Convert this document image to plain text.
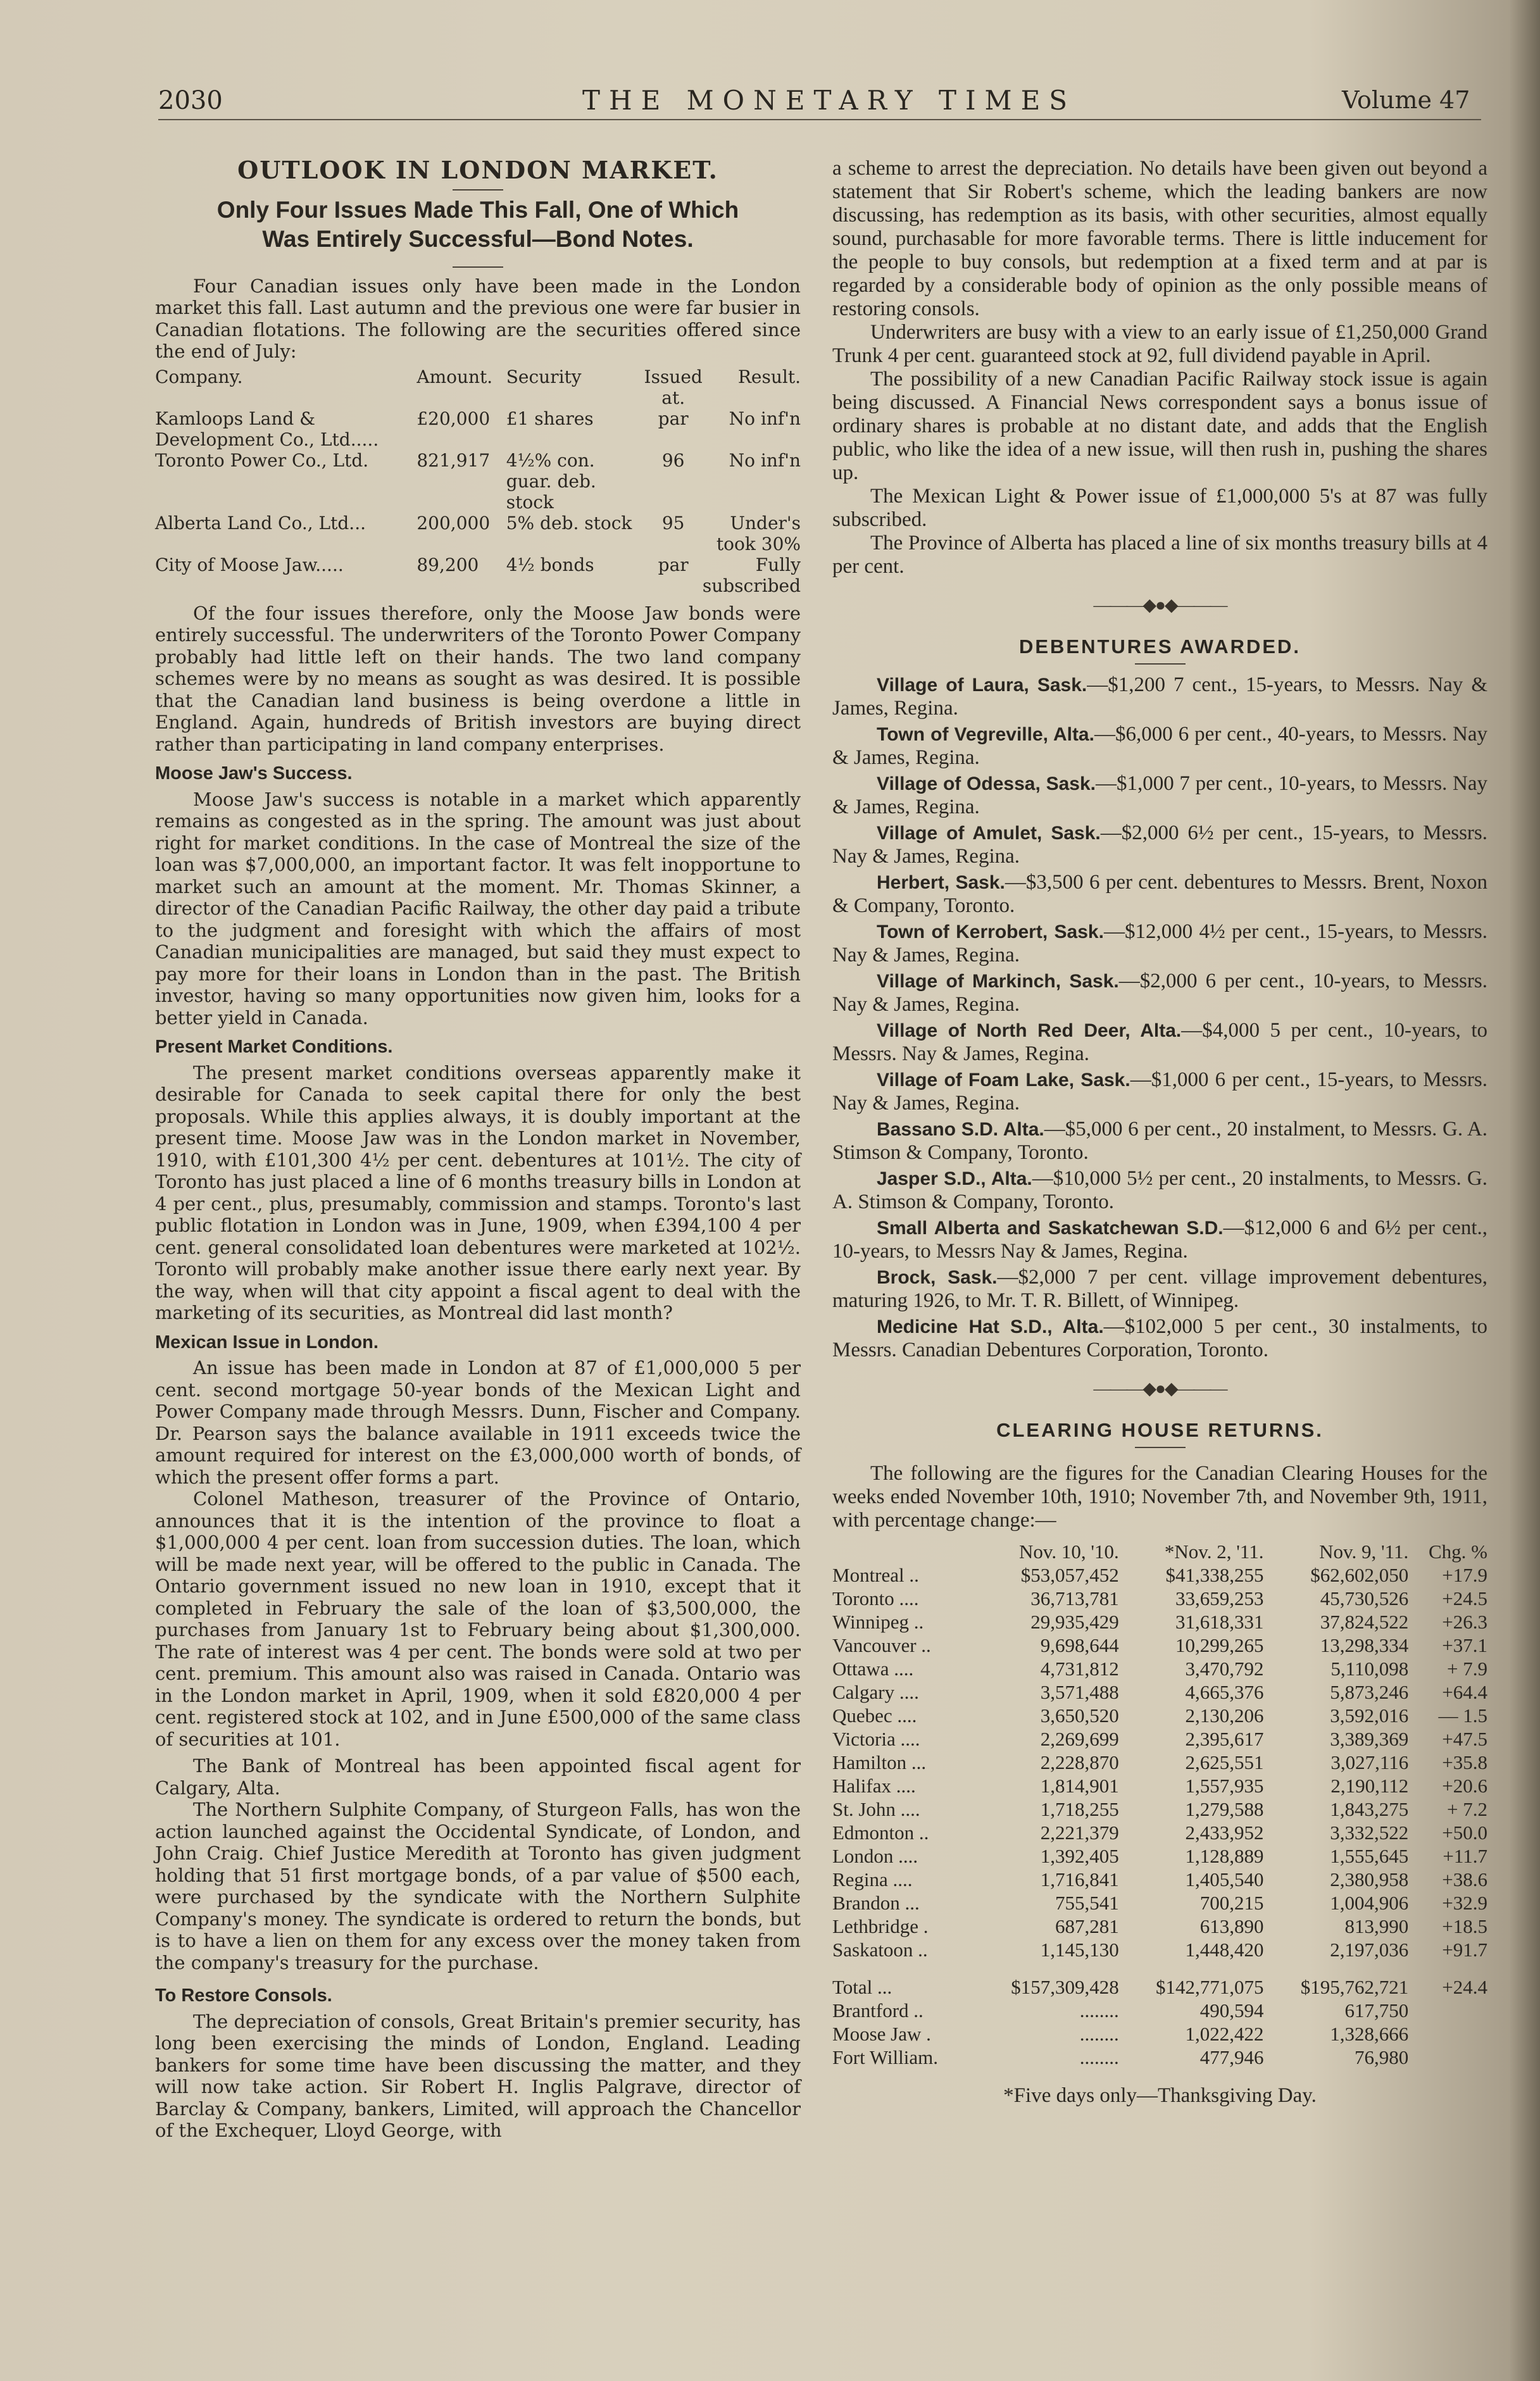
2030	THE MONETARY TIMES	Volume 47
OUTLOOK IN LONDON MARKET.
Only Four Issues Made This Fall, One of Which Was Entirely Successful—Bond Notes.

Four Canadian issues only have been made in the London market this fall. Last autumn and the previous one were far busier in Canadian flotations. The following are the securities offered since the end of July:

Company.	Amount.	Security	Issued at.	Result.
Kamloops Land & Development Co., Ltd.....	£20,000	£1 shares	par	No inf'n
Toronto Power Co., Ltd.	821,917	4½% con. guar. deb. stock	96	No inf'n
Alberta Land Co., Ltd...	200,000	5% deb. stock	95	Under's took 30%
City of Moose Jaw.....	89,200	4½ bonds	par	Fully subscribed

Of the four issues therefore, only the Moose Jaw bonds were entirely successful. The underwriters of the Toronto Power Company probably had little left on their hands. The two land company schemes were by no means as sought as was desired. It is possible that the Canadian land business is being overdone a little in England. Again, hundreds of British investors are buying direct rather than participating in land company enterprises.

Moose Jaw's Success.

Moose Jaw's success is notable in a market which apparently remains as congested as in the spring. The amount was just about right for market conditions. In the case of Montreal the size of the loan was $7,000,000, an important factor. It was felt inopportune to market such an amount at the moment. Mr. Thomas Skinner, a director of the Canadian Pacific Railway, the other day paid a tribute to the judgment and foresight with which the affairs of most Canadian municipalities are managed, but said they must expect to pay more for their loans in London than in the past. The British investor, having so many opportunities now given him, looks for a better yield in Canada.

Present Market Conditions.

The present market conditions overseas apparently make it desirable for Canada to seek capital there for only the best proposals. While this applies always, it is doubly important at the present time. Moose Jaw was in the London market in November, 1910, with £101,300 4½ per cent. debentures at 101½. The city of Toronto has just placed a line of 6 months treasury bills in London at 4 per cent., plus, presumably, commission and stamps. Toronto's last public flotation in London was in June, 1909, when £394,100 4 per cent. general consolidated loan debentures were marketed at 102½. Toronto will probably make another issue there early next year. By the way, when will that city appoint a fiscal agent to deal with the marketing of its securities, as Montreal did last month?

Mexican Issue in London.

An issue has been made in London at 87 of £1,000,000 5 per cent. second mortgage 50-year bonds of the Mexican Light and Power Company made through Messrs. Dunn, Fischer and Company. Dr. Pearson says the balance available in 1911 exceeds twice the amount required for interest on the £3,000,000 worth of bonds, of which the present offer forms a part.

Colonel Matheson, treasurer of the Province of Ontario, announces that it is the intention of the province to float a $1,000,000 4 per cent. loan from succession duties. The loan, which will be made next year, will be offered to the public in Canada. The Ontario government issued no new loan in 1910, except that it completed in February the sale of the loan of $3,500,000, the purchases from January 1st to February being about $1,300,000. The rate of interest was 4 per cent. The bonds were sold at two per cent. premium. This amount also was raised in Canada. Ontario was in the London market in April, 1909, when it sold £820,000 4 per cent. registered stock at 102, and in June £500,000 of the same class of securities at 101.

The Bank of Montreal has been appointed fiscal agent for Calgary, Alta.

The Northern Sulphite Company, of Sturgeon Falls, has won the action launched against the Occidental Syndicate, of London, and John Craig. Chief Justice Meredith at Toronto has given judgment holding that 51 first mortgage bonds, of a par value of $500 each, were purchased by the syndicate with the Northern Sulphite Company's money. The syndicate is ordered to return the bonds, but is to have a lien on them for any excess over the money taken from the company's treasury for the purchase.

To Restore Consols.

The depreciation of consols, Great Britain's premier security, has long been exercising the minds of London, England. Leading bankers for some time have been discussing the matter, and they will now take action. Sir Robert H. Inglis Palgrave, director of Barclay & Company, bankers, Limited, will approach the Chancellor of the Exchequer, Lloyd George, with

a scheme to arrest the depreciation. No details have been given out beyond a statement that Sir Robert's scheme, which the leading bankers are now discussing, has redemption as its basis, with other securities, almost equally sound, purchasable for more favorable terms. There is little inducement for the people to buy consols, but redemption at a fixed term and at par is regarded by a considerable body of opinion as the only possible means of restoring consols.

Underwriters are busy with a view to an early issue of £1,250,000 Grand Trunk 4 per cent. guaranteed stock at 92, full dividend payable in April.

The possibility of a new Canadian Pacific Railway stock issue is again being discussed. A Financial News correspondent says a bonus issue of ordinary shares is probable at no distant date, and adds that the English public, who like the idea of a new issue, will then rush in, pushing the shares up.

The Mexican Light & Power issue of £1,000,000 5's at 87 was fully subscribed.

The Province of Alberta has placed a line of six months treasury bills at 4 per cent.

———◆●◆———
DEBENTURES AWARDED.

Village of Laura, Sask.—$1,200 7 cent., 15-years, to Messrs. Nay & James, Regina.

Town of Vegreville, Alta.—$6,000 6 per cent., 40-years, to Messrs. Nay & James, Regina.

Village of Odessa, Sask.—$1,000 7 per cent., 10-years, to Messrs. Nay & James, Regina.

Village of Amulet, Sask.—$2,000 6½ per cent., 15-years, to Messrs. Nay & James, Regina.

Herbert, Sask.—$3,500 6 per cent. debentures to Messrs. Brent, Noxon & Company, Toronto.

Town of Kerrobert, Sask.—$12,000 4½ per cent., 15-years, to Messrs. Nay & James, Regina.

Village of Markinch, Sask.—$2,000 6 per cent., 10-years, to Messrs. Nay & James, Regina.

Village of North Red Deer, Alta.—$4,000 5 per cent., 10-years, to Messrs. Nay & James, Regina.

Village of Foam Lake, Sask.—$1,000 6 per cent., 15-years, to Messrs. Nay & James, Regina.

Bassano S.D. Alta.—$5,000 6 per cent., 20 instalment, to Messrs. G. A. Stimson & Company, Toronto.

Jasper S.D., Alta.—$10,000 5½ per cent., 20 instalments, to Messrs. G. A. Stimson & Company, Toronto.

Small Alberta and Saskatchewan S.D.—$12,000 6 and 6½ per cent., 10-years, to Messrs Nay & James, Regina.

Brock, Sask.—$2,000 7 per cent. village improvement debentures, maturing 1926, to Mr. T. R. Billett, of Winnipeg.

Medicine Hat S.D., Alta.—$102,000 5 per cent., 30 instalments, to Messrs. Canadian Debentures Corporation, Toronto.

———◆●◆———
CLEARING HOUSE RETURNS.

The following are the figures for the Canadian Clearing Houses for the weeks ended November 10th, 1910; November 7th, and November 9th, 1911, with percentage change:—

	Nov. 10, '10.	*Nov. 2, '11.	Nov. 9, '11.	Chg. %
Montreal ..	$53,057,452	$41,338,255	$62,602,050	+17.9
Toronto ....	36,713,781	33,659,253	45,730,526	+24.5
Winnipeg ..	29,935,429	31,618,331	37,824,522	+26.3
Vancouver ..	9,698,644	10,299,265	13,298,334	+37.1
Ottawa ....	4,731,812	3,470,792	5,110,098	+ 7.9
Calgary ....	3,571,488	4,665,376	5,873,246	+64.4
Quebec ....	3,650,520	2,130,206	3,592,016	— 1.5
Victoria ....	2,269,699	2,395,617	3,389,369	+47.5
Hamilton ...	2,228,870	2,625,551	3,027,116	+35.8
Halifax ....	1,814,901	1,557,935	2,190,112	+20.6
St. John ....	1,718,255	1,279,588	1,843,275	+ 7.2
Edmonton ..	2,221,379	2,433,952	3,332,522	+50.0
London ....	1,392,405	1,128,889	1,555,645	+11.7
Regina ....	1,716,841	1,405,540	2,380,958	+38.6
Brandon ...	755,541	700,215	1,004,906	+32.9
Lethbridge .	687,281	613,890	813,990	+18.5
Saskatoon ..	1,145,130	1,448,420	2,197,036	+91.7
Total ...	$157,309,428	$142,771,075	$195,762,721	+24.4
Brantford ..	........	490,594	617,750	
Moose Jaw .	........	1,022,422	1,328,666	
Fort William.	........	477,946	76,980	
*Five days only—Thanksgiving Day.
